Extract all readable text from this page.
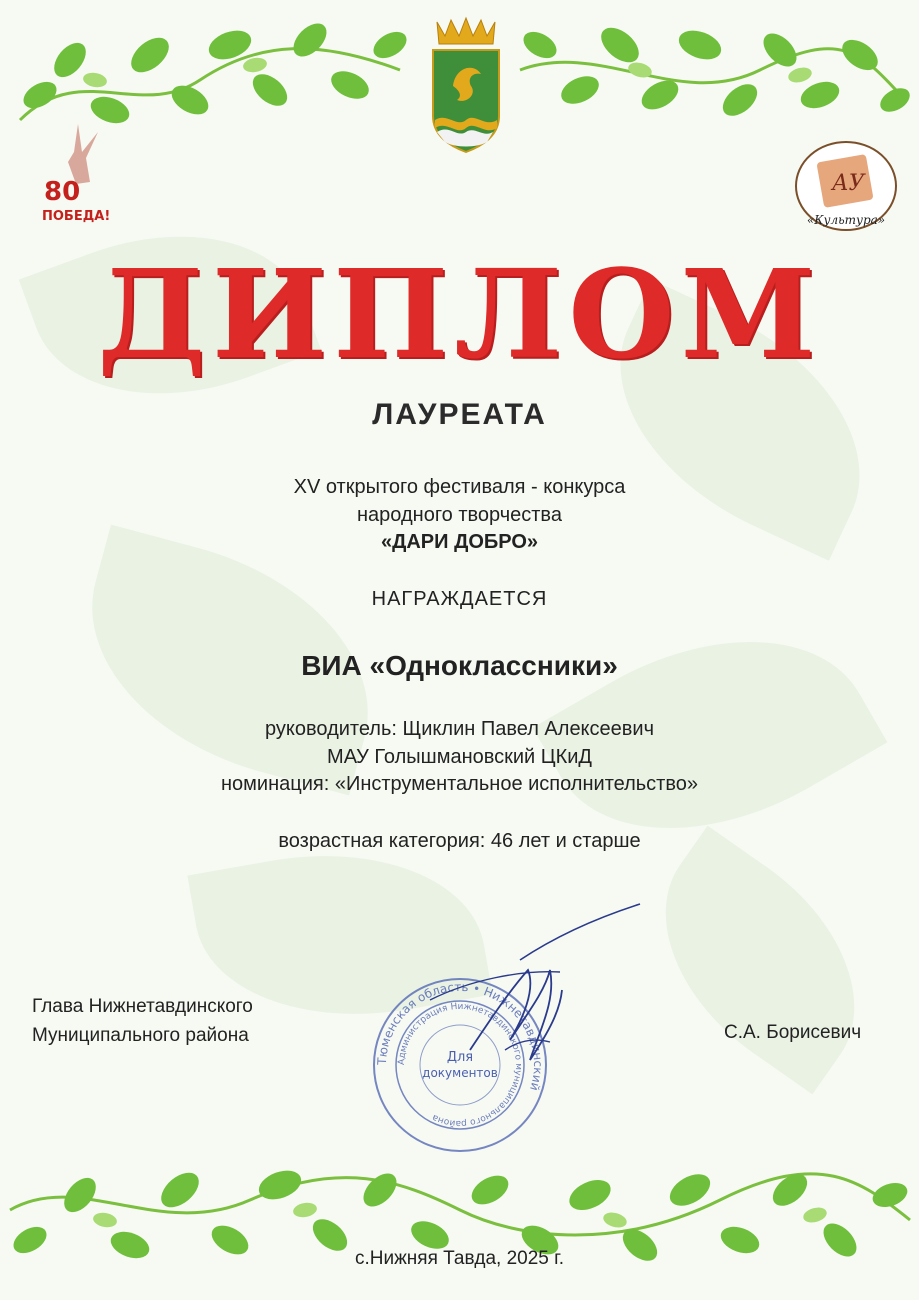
80
ПОБЕДА!
АУ
«Культура»
ДИПЛОМ
ЛАУРЕАТА
XV открытого фестиваля - конкурса
народного творчества
«ДАРИ ДОБРО»
НАГРАЖДАЕТСЯ
ВИА «Одноклассники»
руководитель: Щиклин Павел Алексеевич
МАУ Голышмановский ЦКиД
номинация: «Инструментальное исполнительство»
возрастная категория: 46 лет и старше
Глава Нижнетавдинского
Муниципального района	С.А. Борисевич
Тюменская область • Нижнетавдинский
Администрация Нижнетавдинского муниципального района
Для
документов
с.Нижняя Тавда, 2025 г.
